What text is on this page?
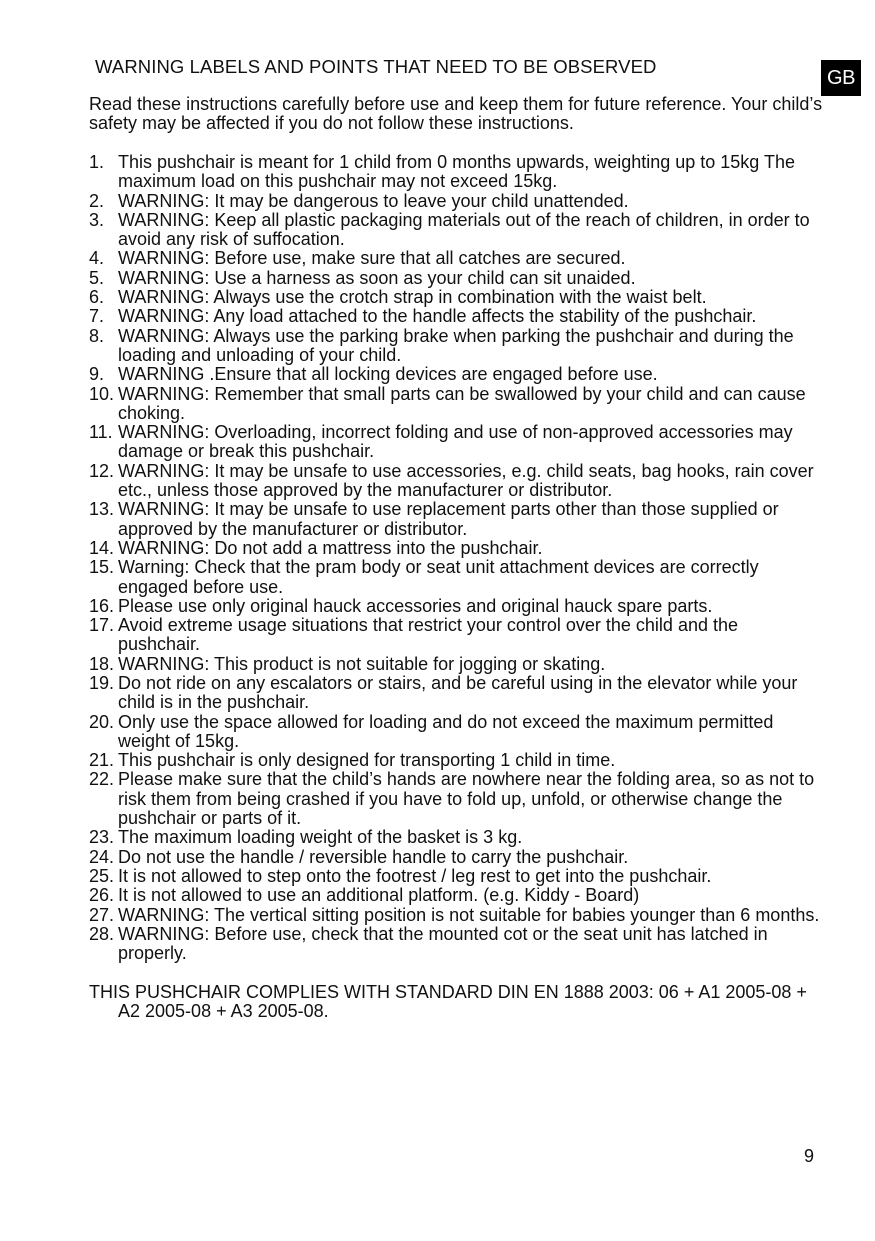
WARNING LABELS AND POINTS THAT NEED TO BE OBSERVED
GB

Read these instructions carefully before use and keep them for future reference. Your child’s safety may be affected if you do not follow these instructions.

1. This pushchair is meant for 1 child from 0 months upwards, weighting up to 15kg The maximum load on this pushchair may not exceed 15kg.
2. WARNING: It may be dangerous to leave your child unattended.
3. WARNING: Keep all plastic packaging materials out of the reach of children, in order to avoid any risk of suffocation.
4. WARNING: Before use, make sure that all catches are secured.
5. WARNING: Use a harness as soon as your child can sit unaided.
6. WARNING: Always use the crotch strap in combination with the waist belt.
7. WARNING: Any load attached to the handle affects the stability of the pushchair.
8. WARNING: Always use the parking brake when parking the pushchair and during the loading and unloading of your child.
9. WARNING .Ensure that all locking devices are engaged before use.
10. WARNING: Remember that small parts can be swallowed by your child and can cause choking.
11. WARNING: Overloading, incorrect folding and use of non-approved accessories may damage or break this pushchair.
12. WARNING: It may be unsafe to use accessories, e.g. child seats, bag hooks, rain cover etc., unless those approved by the manufacturer or distributor.
13. WARNING: It may be unsafe to use replacement parts other than those supplied or approved by the manufacturer or distributor.
14. WARNING: Do not add a mattress into the pushchair.
15. Warning: Check that the pram body or seat unit attachment devices are correctly engaged before use.
16. Please use only original hauck accessories and original hauck spare parts.
17. Avoid extreme usage situations that restrict your control over the child and the pushchair.
18. WARNING: This product is not suitable for jogging or skating.
19. Do not ride on any escalators or stairs, and be careful using in the elevator while your child is in the pushchair.
20. Only use the space allowed for loading and do not exceed the maximum permitted weight of 15kg.
21. This pushchair is only designed for transporting 1 child in time.
22. Please make sure that the child’s hands are nowhere near the folding area, so as not to risk them from being crashed if you have to fold up, unfold, or otherwise change the pushchair or parts of it.
23. The maximum loading weight of the basket is 3 kg.
24. Do not use the handle / reversible handle to carry the pushchair.
25. It is not allowed to step onto the footrest / leg rest to get into the pushchair.
26. It is not allowed to use an additional platform. (e.g. Kiddy - Board)
27. WARNING: The vertical sitting position is not suitable for babies younger than 6 months.
28. WARNING: Before use, check that the mounted cot or the seat unit has latched in properly.

THIS PUSHCHAIR COMPLIES WITH STANDARD DIN EN 1888 2003: 06 + A1 2005-08 + A2 2005-08 + A3 2005-08.

9
